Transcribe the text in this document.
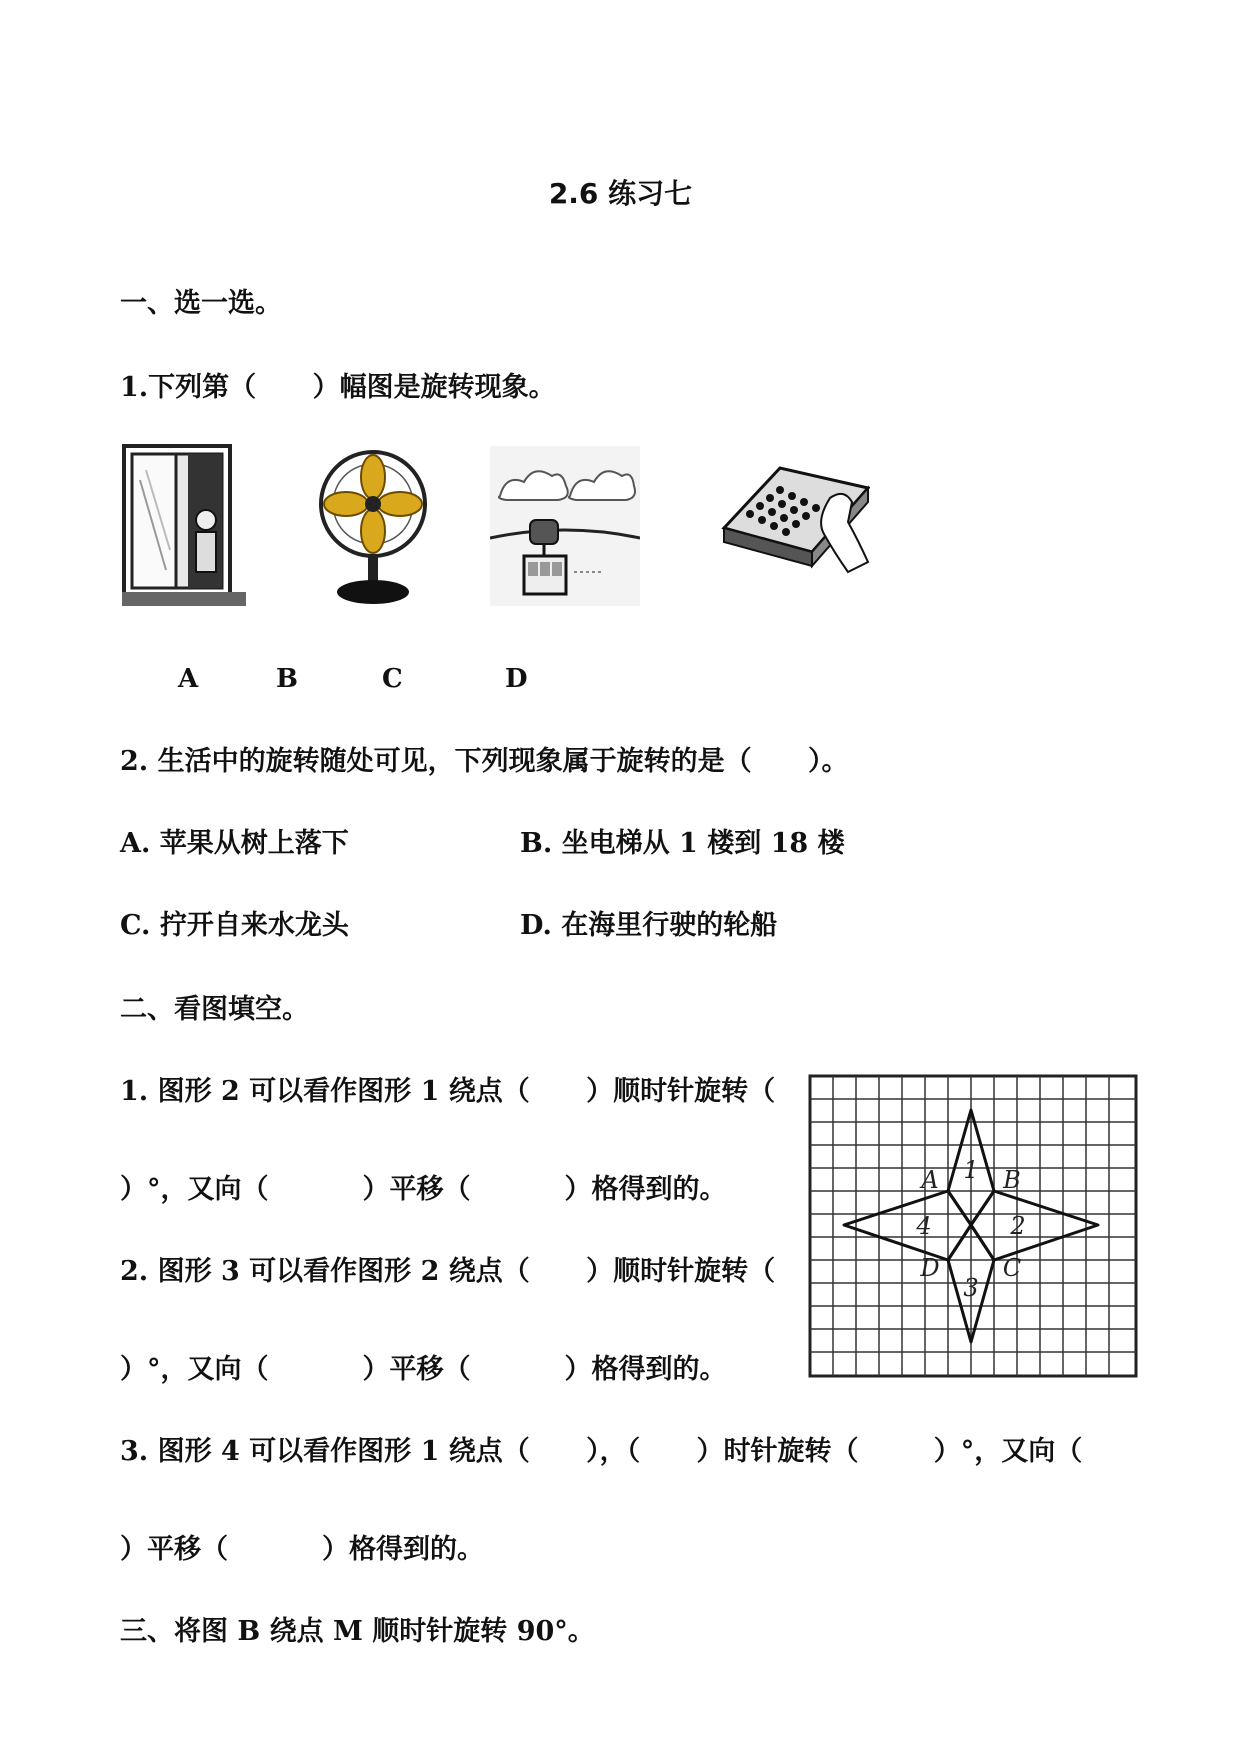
2.6 练习七
一、选一选。
1.下列第（      ）幅图是旋转现象。
A	B	C	D
2. 生活中的旋转随处可见，下列现象属于旋转的是（      ）。
A. 苹果从树上落下	B. 坐电梯从 1 楼到 18 楼
C. 拧开自来水龙头	D. 在海里行驶的轮船
二、看图填空。
1. 图形 2 可以看作图形 1 绕点（      ）顺时针旋转（
）°，又向（          ）平移（          ）格得到的。
2. 图形 3 可以看作图形 2 绕点（      ）顺时针旋转（
）°，又向（          ）平移（          ）格得到的。
3. 图形 4 可以看作图形 1 绕点（      ），（      ）时针旋转（        ）°，又向（
）平移（          ）格得到的。
1
2
3
4
A	B
C
D
三、将图 B 绕点 M 顺时针旋转 90°。
